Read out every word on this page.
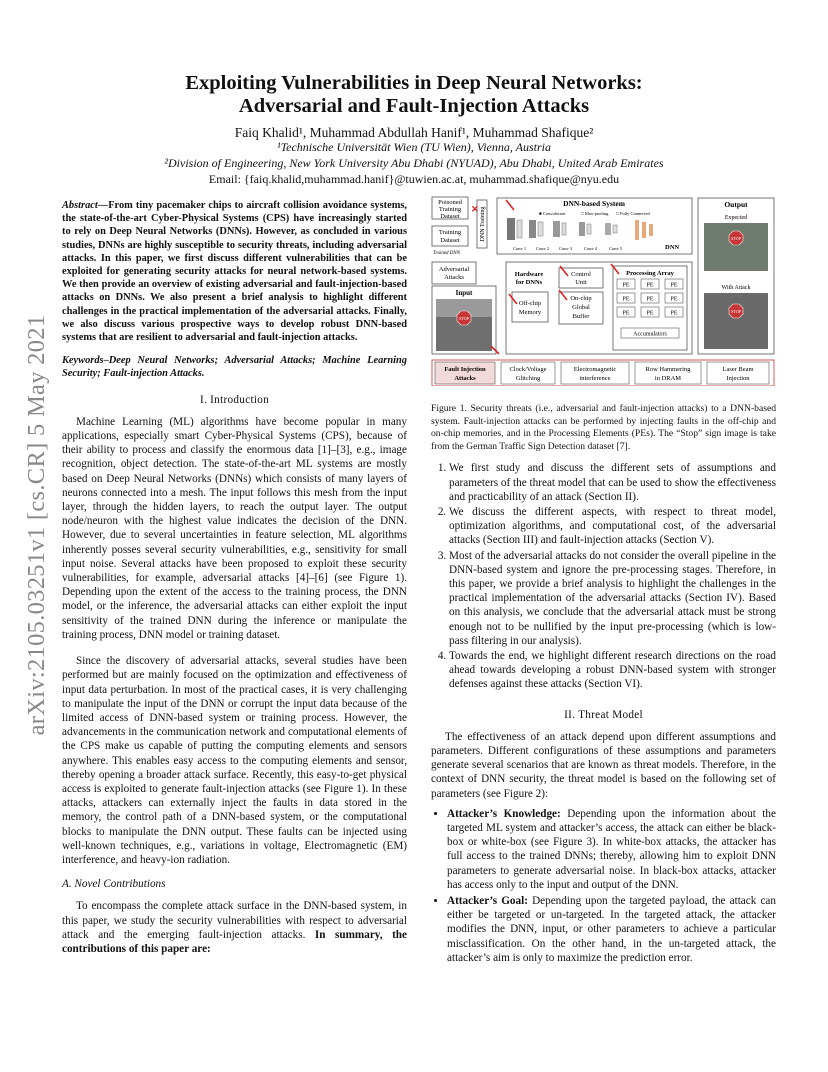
arXiv:2105.03251v1 [cs.CR] 5 May 2021
Exploiting Vulnerabilities in Deep Neural Networks:
Adversarial and Fault-Injection Attacks
Faiq Khalid¹, Muhammad Abdullah Hanif¹, Muhammad Shafique²
¹Technische Universität Wien (TU Wien), Vienna, Austria
²Division of Engineering, New York University Abu Dhabi (NYUAD), Abu Dhabi, United Arab Emirates
Email: {faiq.khalid,muhammad.hanif}@tuwien.ac.at, muhammad.shafique@nyu.edu
Abstract—From tiny pacemaker chips to aircraft collision avoidance systems, the state-of-the-art Cyber-Physical Systems (CPS) have increasingly started to rely on Deep Neural Networks (DNNs). However, as concluded in various studies, DNNs are highly susceptible to security threats, including adversarial attacks. In this paper, we first discuss different vulnerabilities that can be exploited for generating security attacks for neural network-based systems. We then provide an overview of existing adversarial and fault-injection-based attacks on DNNs. We also present a brief analysis to highlight different challenges in the practical implementation of the adversarial attacks. Finally, we also discuss various prospective ways to develop robust DNN-based systems that are resilient to adversarial and fault-injection attacks.
Keywords–Deep Neural Networks; Adversarial Attacks; Machine Learning Security; Fault-injection Attacks.
I. Introduction

Machine Learning (ML) algorithms have become popular in many applications, especially smart Cyber-Physical Systems (CPS), because of their ability to process and classify the enormous data [1]–[3], e.g., image recognition, object detection. The state-of-the-art ML systems are mostly based on Deep Neural Networks (DNNs) which consists of many layers of neurons connected into a mesh. The input follows this mesh from the input layer, through the hidden layers, to reach the output layer. The output node/neuron with the highest value indicates the decision of the DNN. However, due to several uncertainties in feature selection, ML algorithms inherently posses several security vulnerabilities, e.g., sensitivity for small input noise. Several attacks have been proposed to exploit these security vulnerabilities, for example, adversarial attacks [4]–[6] (see Figure 1). Depending upon the extent of the access to the training process, the DNN model, or the inference, the adversarial attacks can either exploit the input sensitivity of the trained DNN during the inference or manipulate the training process, DNN model or training dataset.

Since the discovery of adversarial attacks, several studies have been performed but are mainly focused on the optimization and effectiveness of input data perturbation. In most of the practical cases, it is very challenging to manipulate the input of the DNN or corrupt the input data because of the limited access of DNN-based system or training process. However, the advancements in the communication network and computational elements of the CPS make us capable of putting the computing elements and sensors anywhere. This enables easy access to the computing elements and sensor, thereby opening a broader attack surface. Recently, this easy-to-get physical access is exploited to generate fault-injection attacks (see Figure 1). In these attacks, attackers can externally inject the faults in data stored in the memory, the control path of a DNN-based system, or the computational blocks to manipulate the DNN output. These faults can be injected using well-known techniques, e.g., variations in voltage, Electromagnetic (EM) interference, and heavy-ion radiation.

A. Novel Contributions

To encompass the complete attack surface in the DNN-based system, in this paper, we study the security vulnerabilities with respect to adversarial attack and the emerging fault-injection attacks. In summary, the contributions of this paper are:

Poisoned
Training
Dataset
Training
Dataset
Trained DNN
DNN Training
✕
Adversarial
Attacks
Input
STOP
DNN-based System
■ Convolution	□ Max-pooling □ Fully Connected
Conv 1 Conv 2 Conv 3	Conv 4	Conv 5	DNN
Hardware
for DNNs
Off-chip
Memory
Control
Unit
On-chip
Global
Buffer
Processing Array
PE	PE	PE
PE	PE	PE
PE	PE	PE
Accumulators
Output
Expected
STOP
With Attack
STOP
Fault Injection
Attacks
Clock/Voltage
Glitching
Electromagnetic
interference
Row Hammering
in DRAM
Laser Beam
Injection
Figure 1. Security threats (i.e., adversarial and fault-injection attacks) to a DNN-based system. Fault-injection attacks can be performed by injecting faults in the off-chip and on-chip memories, and in the Processing Elements (PEs). The “Stop” sign image is take from the German Traffic Sign Detection dataset [7].
1. We first study and discuss the different sets of assumptions and parameters of the threat model that can be used to show the effectiveness and practicability of an attack (Section II).
2. We discuss the different aspects, with respect to threat model, optimization algorithms, and computational cost, of the adversarial attacks (Section III) and fault-injection attacks (Section V).
3. Most of the adversarial attacks do not consider the overall pipeline in the DNN-based system and ignore the pre-processing stages. Therefore, in this paper, we provide a brief analysis to highlight the challenges in the practical implementation of the adversarial attacks (Section IV). Based on this analysis, we conclude that the adversarial attack must be strong enough not to be nullified by the input pre-processing (which is low-pass filtering in our analysis).
4. Towards the end, we highlight different research directions on the road ahead towards developing a robust DNN-based system with stronger defenses against these attacks (Section VI).
II. Threat Model

The effectiveness of an attack depend upon different assumptions and parameters. Different configurations of these assumptions and parameters generate several scenarios that are known as threat models. Therefore, in the context of DNN security, the threat model is based on the following set of parameters (see Figure 2):

• Attacker’s Knowledge: Depending upon the information about the targeted ML system and attacker’s access, the attack can either be black-box or white-box (see Figure 3). In white-box attacks, the attacker has full access to the trained DNNs; thereby, allowing him to exploit DNN parameters to generate adversarial noise. In black-box attacks, attacker has access only to the input and output of the DNN.
• Attacker’s Goal: Depending upon the targeted payload, the attack can either be targeted or un-targeted. In the targeted attack, the attacker modifies the DNN, input, or other parameters to achieve a particular misclassification. On the other hand, in the un-targeted attack, the attacker’s aim is only to maximize the prediction error.
